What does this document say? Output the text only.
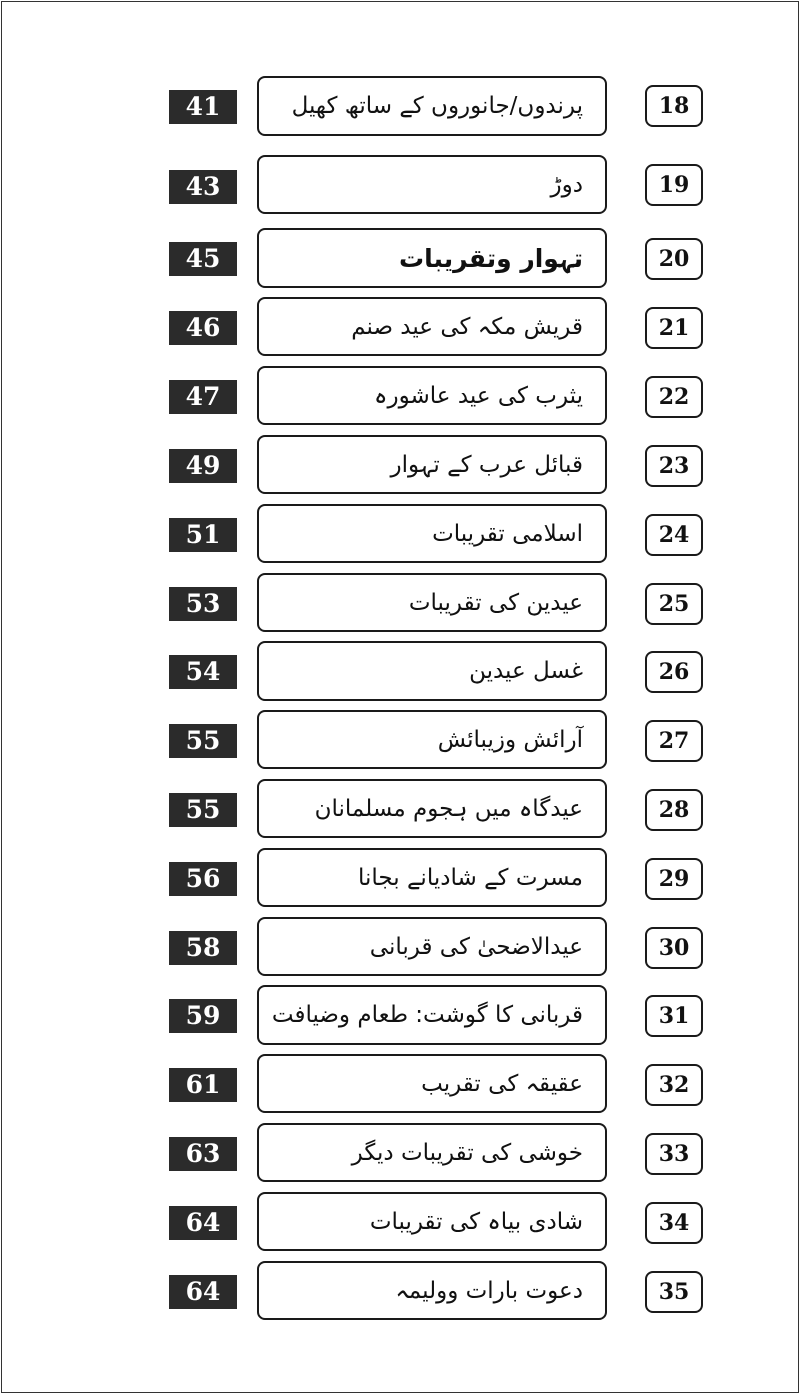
41	پرندوں/جانوروں کے ساتھ کھیل	18
43	دوڑ	19
45	تہوار وتقریبات	20
46	قریش مکہ کی عید صنم	21
47	یثرب کی عید عاشورہ	22
49	قبائل عرب کے تہوار	23
51	اسلامی تقریبات	24
53	عیدین کی تقریبات	25
54	غسل عیدین	26
55	آرائش وزیبائش	27
55	عیدگاہ میں ہجوم مسلمانان	28
56	مسرت کے شادیانے بجانا	29
58	عیدالاضحیٰ کی قربانی	30
59	قربانی کا گوشت: طعام وضیافت	31
61	عقیقہ کی تقریب	32
63	خوشی کی تقریبات دیگر	33
64	شادی بیاہ کی تقریبات	34
64	دعوت بارات وولیمہ	35
